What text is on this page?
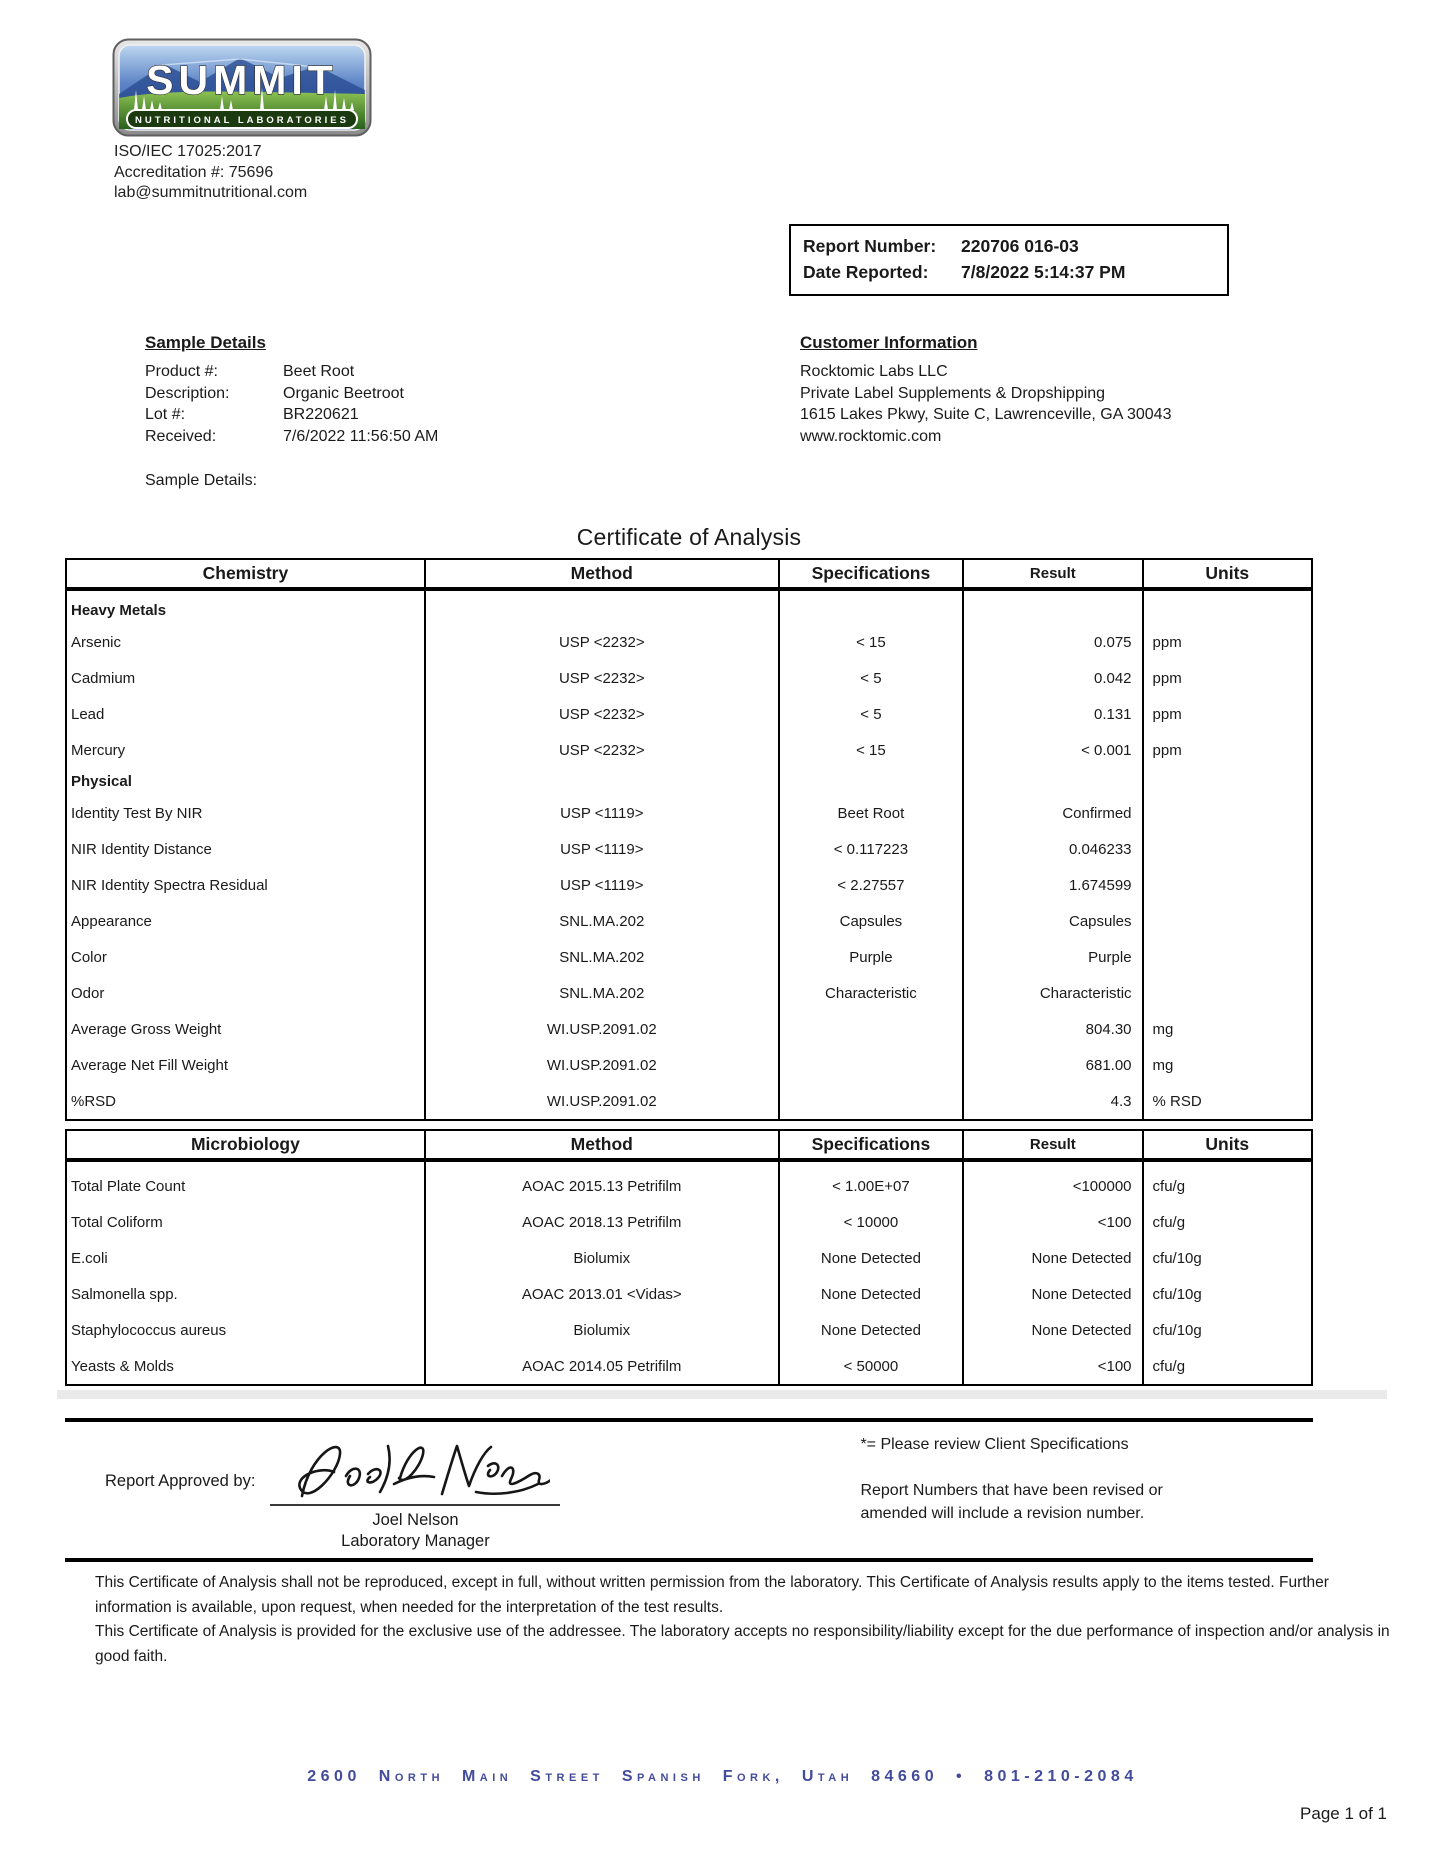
SUMMIT
NUTRITIONAL LABORATORIES
ISO/IEC 17025:2017
Accreditation #: 75696
lab@summitnutritional.com
Report Number:	220706 016-03
Date Reported:	7/8/2022 5:14:37 PM
Sample Details
Product #:	Beet Root
Description:	Organic Beetroot
Lot #:	BR220621
Received:	7/6/2022 11:56:50 AM
Sample Details:
Customer Information
Rocktomic Labs LLC
Private Label Supplements & Dropshipping
1615 Lakes Pkwy, Suite C, Lawrenceville, GA 30043
www.rocktomic.com
Certificate of Analysis
Chemistry	Method	Specifications	Result	Units
Heavy Metals				
Arsenic	USP <2232>	< 15	0.075	ppm
Cadmium	USP <2232>	< 5	0.042	ppm
Lead	USP <2232>	< 5	0.131	ppm
Mercury	USP <2232>	< 15	< 0.001	ppm
Physical				
Identity Test By NIR	USP <1119>	Beet Root	Confirmed	
NIR Identity Distance	USP <1119>	< 0.117223	0.046233	
NIR Identity Spectra Residual	USP <1119>	< 2.27557	1.674599	
Appearance	SNL.MA.202	Capsules	Capsules	
Color	SNL.MA.202	Purple	Purple	
Odor	SNL.MA.202	Characteristic	Characteristic	
Average Gross Weight	WI.USP.2091.02		804.30	mg
Average Net Fill Weight	WI.USP.2091.02		681.00	mg
%RSD	WI.USP.2091.02		4.3	% RSD
Microbiology	Method	Specifications	Result	Units
Total Plate Count	AOAC 2015.13 Petrifilm	< 1.00E+07	<100000	cfu/g
Total Coliform	AOAC 2018.13 Petrifilm	< 10000	<100	cfu/g
E.coli	Biolumix	None Detected	None Detected	cfu/10g
Salmonella spp.	AOAC 2013.01 <Vidas>	None Detected	None Detected	cfu/10g
Staphylococcus aureus	Biolumix	None Detected	None Detected	cfu/10g
Yeasts & Molds	AOAC 2014.05 Petrifilm	< 50000	<100	cfu/g
Report Approved by:
Joel Nelson
Laboratory Manager
*= Please review Client Specifications
Report Numbers that have been revised or amended will include a revision number.

This Certificate of Analysis shall not be reproduced, except in full, without written permission from the laboratory. This Certificate of Analysis results apply to the items tested. Further information is available, upon request, when needed for the interpretation of the test results.

This Certificate of Analysis is provided for the exclusive use of the addressee. The laboratory accepts no responsibility/liability except for the due performance of inspection and/or analysis in good faith.

2600 North Main Street Spanish Fork, Utah 84660 • 801-210-2084
Page 1 of 1
